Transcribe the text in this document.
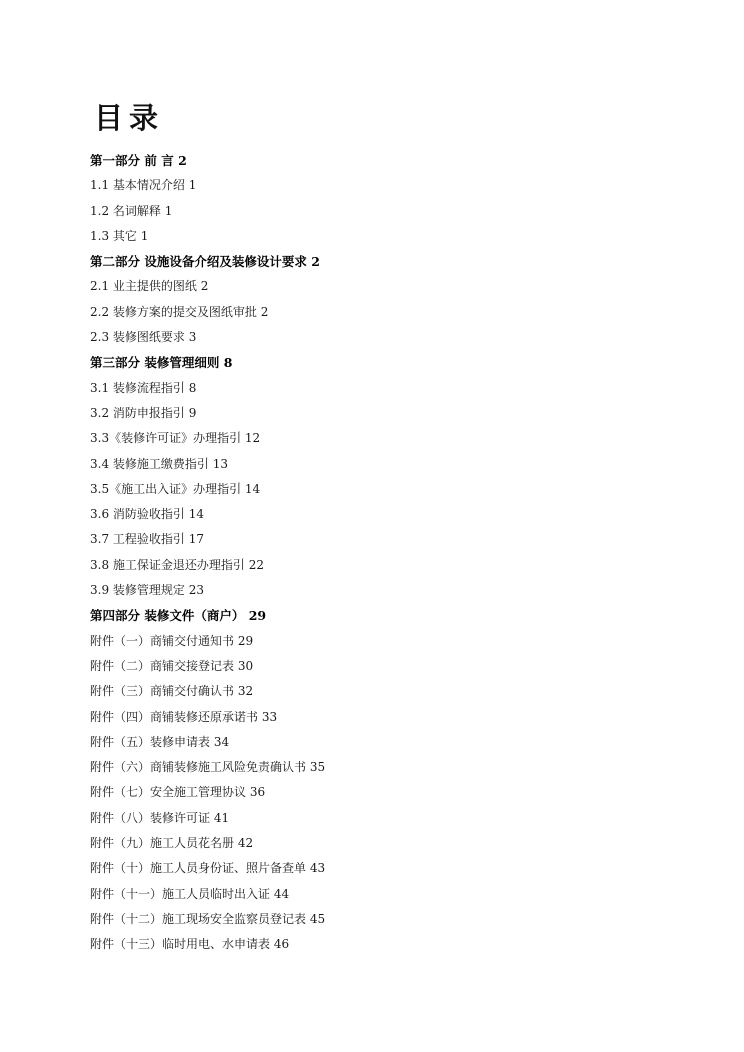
目录
第一部分 前 言 2
1.1 基本情况介绍 1
1.2 名词解释 1
1.3 其它 1
第二部分 设施设备介绍及装修设计要求 2
2.1 业主提供的图纸 2
2.2 装修方案的提交及图纸审批 2
2.3 装修图纸要求 3
第三部分 装修管理细则 8
3.1 装修流程指引 8
3.2 消防申报指引 9
3.3《装修许可证》办理指引 12
3.4 装修施工缴费指引 13
3.5《施工出入证》办理指引 14
3.6 消防验收指引 14
3.7 工程验收指引 17
3.8 施工保证金退还办理指引 22
3.9 装修管理规定 23
第四部分 装修文件（商户） 29
附件（一）商铺交付通知书 29
附件（二）商铺交接登记表 30
附件（三）商铺交付确认书 32
附件（四）商铺装修还原承诺书 33
附件（五）装修申请表 34
附件（六）商铺装修施工风险免责确认书 35
附件（七）安全施工管理协议 36
附件（八）装修许可证 41
附件（九）施工人员花名册 42
附件（十）施工人员身份证、照片备查单 43
附件（十一）施工人员临时出入证 44
附件（十二）施工现场安全监察员登记表 45
附件（十三）临时用电、水申请表 46
